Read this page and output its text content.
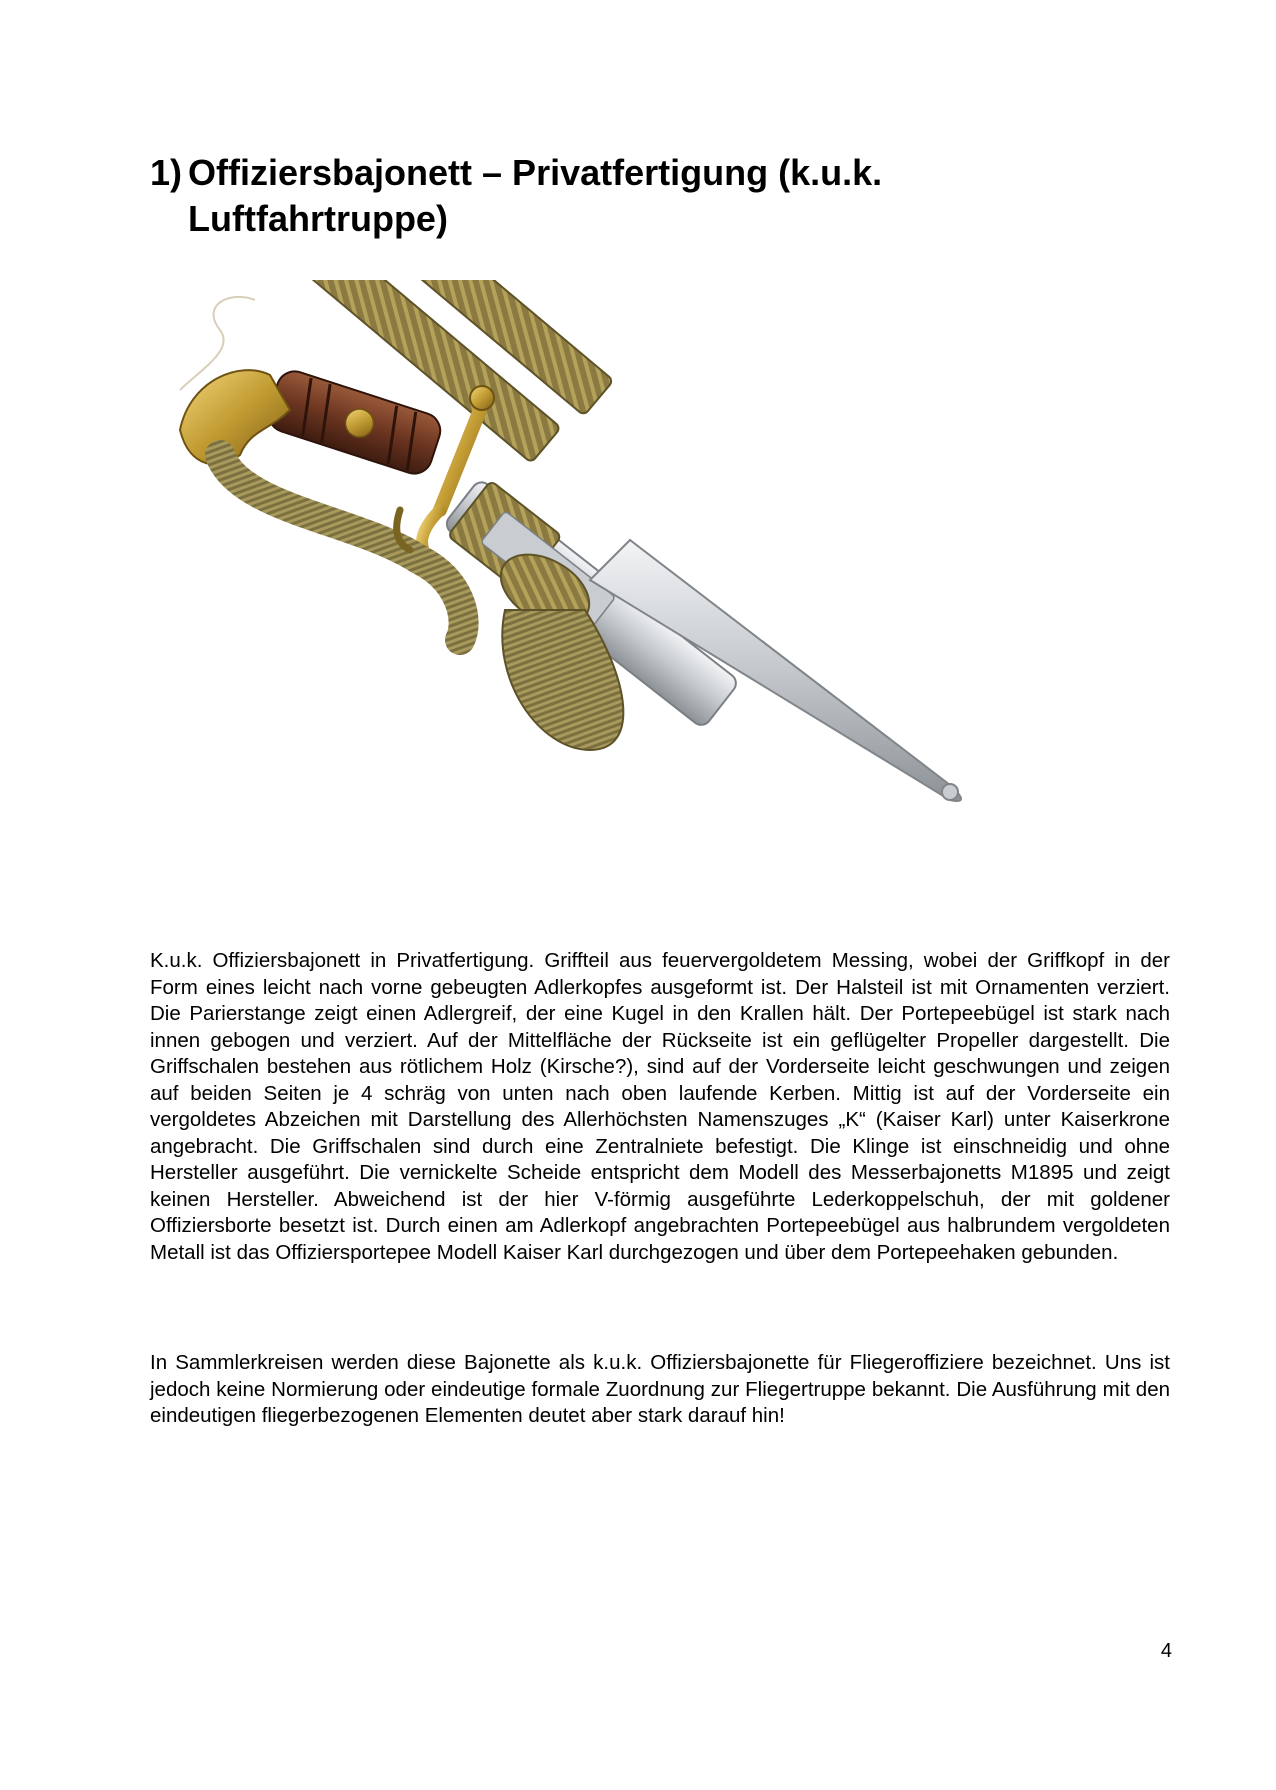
1) Offiziersbajonett – Privatfertigung (k.u.k. Luftfahrtruppe)

K.u.k. Offiziersbajonett in Privatfertigung. Griffteil aus feuervergoldetem Messing, wobei der Griffkopf in der Form eines leicht nach vorne gebeugten Adlerkopfes ausgeformt ist. Der Halsteil ist mit Ornamenten verziert. Die Parierstange zeigt einen Adlergreif, der eine Kugel in den Krallen hält. Der Portepeebügel ist stark nach innen gebogen und verziert. Auf der Mittelfläche der Rückseite ist ein geflügelter Propeller dargestellt. Die Griffschalen bestehen aus rötlichem Holz (Kirsche?), sind auf der Vorderseite leicht geschwungen und zeigen auf beiden Seiten je 4 schräg von unten nach oben laufende Kerben. Mittig ist auf der Vorderseite ein vergoldetes Abzeichen mit Darstellung des Allerhöchsten Namenszuges „K“ (Kaiser Karl) unter Kaiserkrone angebracht. Die Griffschalen sind durch eine Zentralniete befestigt. Die Klinge ist einschneidig und ohne Hersteller ausgeführt. Die vernickelte Scheide entspricht dem Modell des Messerbajonetts M1895 und zeigt keinen Hersteller. Abweichend ist der hier V-förmig ausgeführte Lederkoppelschuh, der mit goldener Offiziersborte besetzt ist. Durch einen am Adlerkopf angebrachten Portepeebügel aus halbrundem vergoldeten Metall ist das Offiziersportepee Modell Kaiser Karl durchgezogen und über dem Portepeehaken gebunden.

In Sammlerkreisen werden diese Bajonette als k.u.k. Offiziersbajonette für Fliegeroffiziere bezeichnet. Uns ist jedoch keine Normierung oder eindeutige formale Zuordnung zur Fliegertruppe bekannt. Die Ausführung mit den eindeutigen fliegerbezogenen Elementen deutet aber stark darauf hin!

4
